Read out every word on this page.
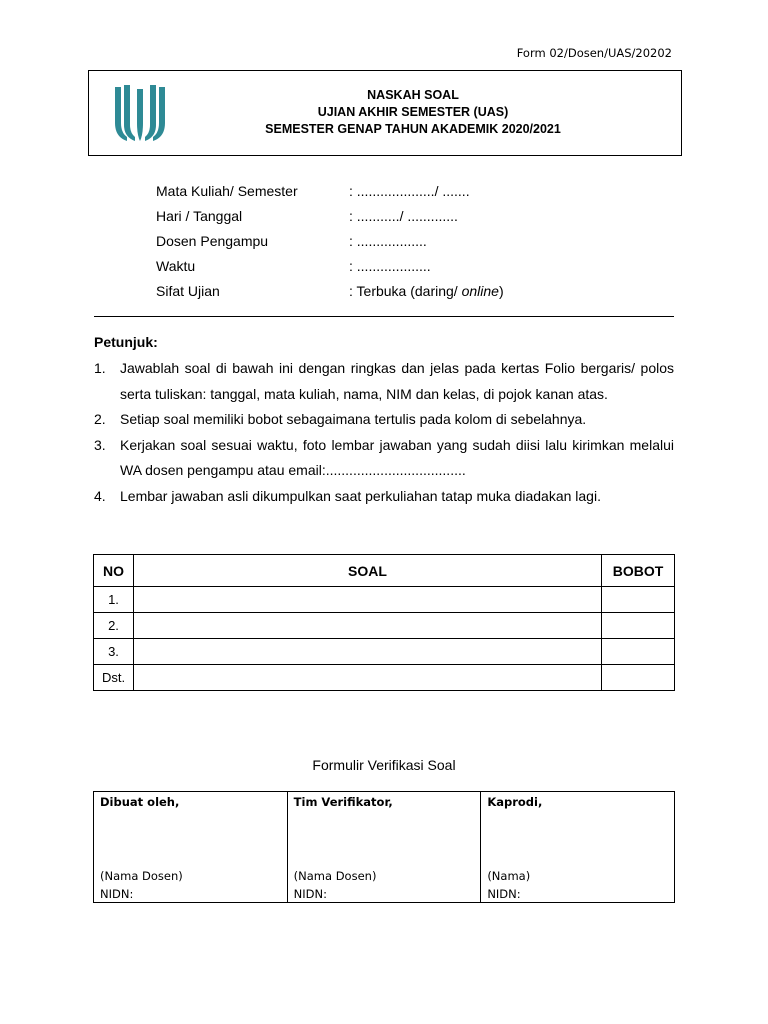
Form 02/Dosen/UAS/20202
NASKAH SOAL
UJIAN AKHIR SEMESTER (UAS)
SEMESTER GENAP TAHUN AKADEMIK 2020/2021
Mata Kuliah/ Semester	: ..................../ .......
Hari / Tanggal	: .........../ .............
Dosen Pengampu	: ..................
Waktu	: ...................
Sifat Ujian	: Terbuka (daring/ online)
Petunjuk:
1.	Jawablah soal di bawah ini dengan ringkas dan jelas pada kertas Folio bergaris/ polos serta tuliskan: tanggal, mata kuliah, nama, NIM dan kelas, di pojok kanan atas.
2.	Setiap soal memiliki bobot sebagaimana tertulis pada kolom di sebelahnya.
3.	Kerjakan soal sesuai waktu, foto lembar jawaban yang sudah diisi lalu kirimkan melalui WA dosen pengampu atau email:....................................
4.	Lembar jawaban asli dikumpulkan saat perkuliahan tatap muka diadakan lagi.
NO	SOAL	BOBOT
1.		
2.		
3.		
Dst.		
Formulir Verifikasi Soal
Dibuat oleh,
(Nama Dosen)
NIDN:

Tim Verifikator,
(Nama Dosen)
NIDN:

Kaprodi,
(Nama)
NIDN:
